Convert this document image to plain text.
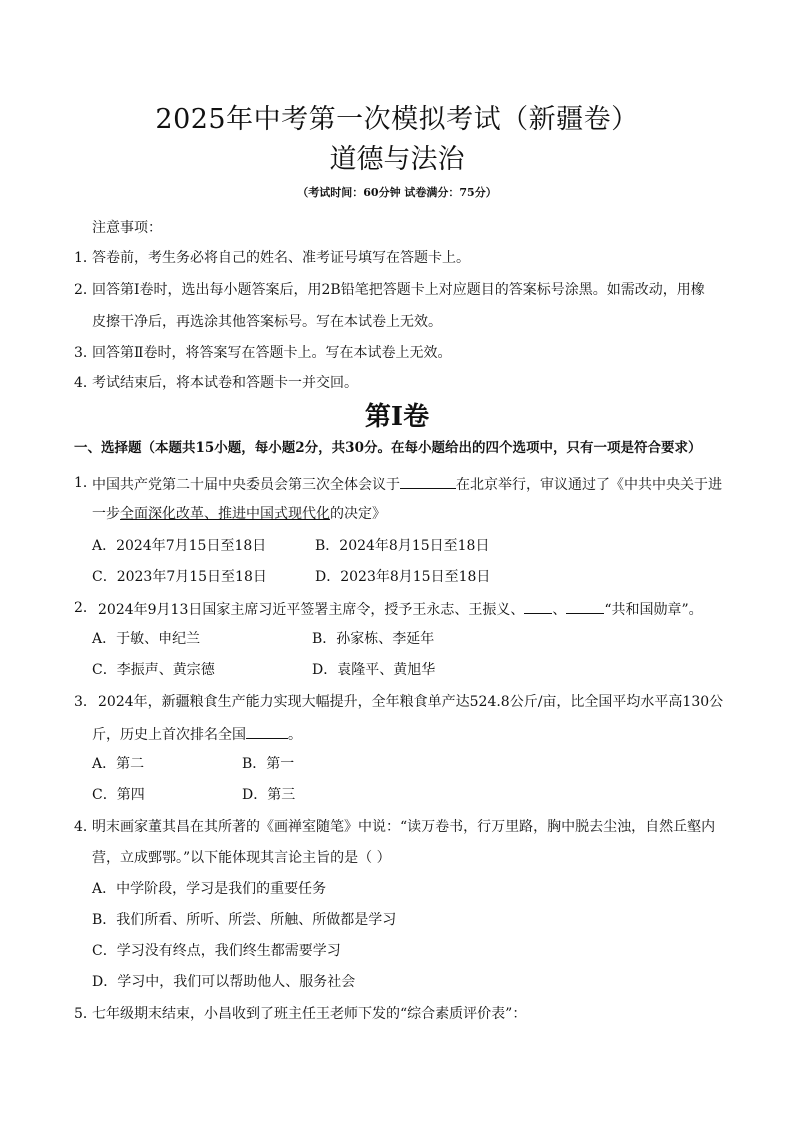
2025年中考第一次模拟考试（新疆卷）
道德与法治
（考试时间：60分钟 试卷满分：75分）
注意事项：
1．
答卷前，考生务必将自己的姓名、准考证号填写在答题卡上。
2．
回答第Ⅰ卷时，选出每小题答案后，用2B铅笔把答题卡上对应题目的答案标号涂黑。如需改动，用橡
皮擦干净后，再选涂其他答案标号。写在本试卷上无效。
3．
回答第Ⅱ卷时，将答案写在答题卡上。写在本试卷上无效。
4．
考试结束后，将本试卷和答题卡一并交回。
第Ⅰ卷
一、选择题（本题共15小题，每小题2分，共30分。在每小题给出的四个选项中，只有一项是符合要求）
1．
中国共产党第二十届中央委员会第三次全体会议于	在北京举行，审议通过了《中共中央关于进
一步全面深化改革、推进中国式现代化的决定》
A．2024年7月15日至18日	B．2024年8月15日至18日
C．2023年7月15日至18日	D．2023年8月15日至18日
2． 2024年9月13日国家主席习近平签署主席令，授予王永志、王振义、 、	“共和国勋章”。
A．于敏、申纪兰	B．孙家栋、李延年
C．李振声、黄宗德	D．袁隆平、黄旭华
3． 2024年，新疆粮食生产能力实现大幅提升，全年粮食单产达524.8公斤/亩，比全国平均水平高130公
斤，历史上首次排名全国	。
A．第二	B．第一
C．第四	D．第三
4．
明末画家董其昌在其所著的《画禅室随笔》中说：“读万卷书，行万里路，胸中脱去尘浊，自然丘壑内
营，立成鄄鄂。”以下能体现其言论主旨的是（ ）
A．中学阶段，学习是我们的重要任务
B．我们所看、所听、所尝、所触、所做都是学习
C．学习没有终点，我们终生都需要学习
D．学习中，我们可以帮助他人、服务社会
5．
七年级期末结束，小昌收到了班主任王老师下发的“综合素质评价表”：
